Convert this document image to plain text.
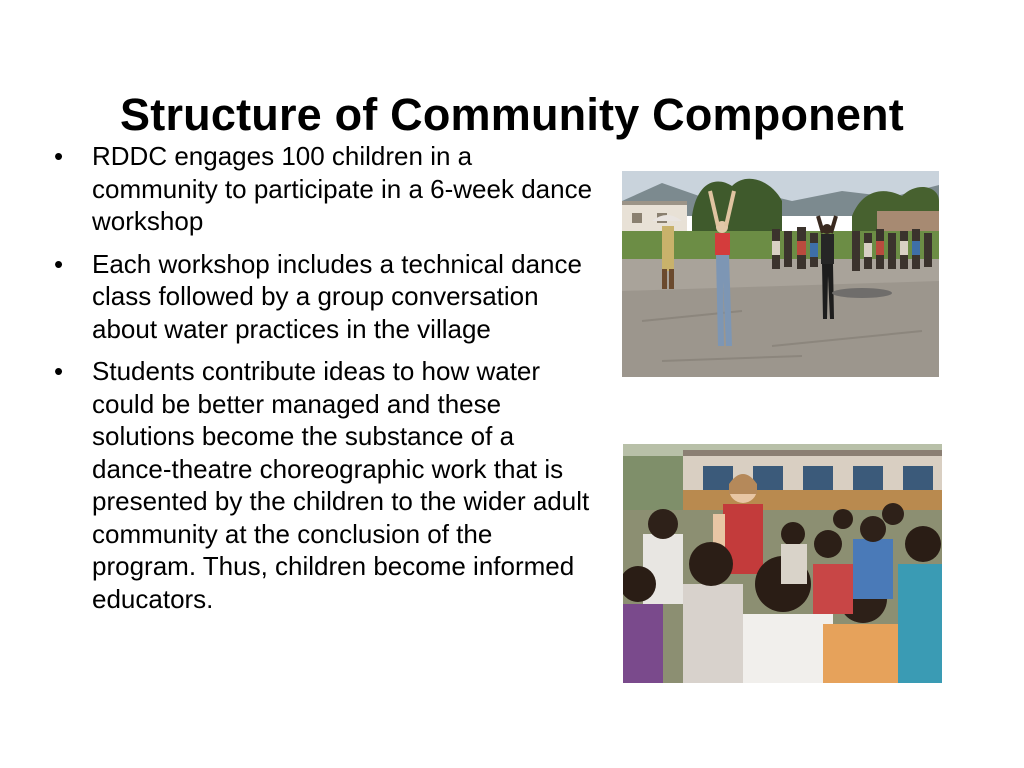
Structure of Community Component
•	RDDC engages 100 children in a community to participate in a 6-week dance workshop
•	Each workshop includes a technical dance class followed by a group conversation about water practices in the village
•	Students contribute ideas to how water could be better managed and these solutions become the substance of a dance-theatre choreographic work that is presented by the children to the wider adult community at the conclusion of the program. Thus, children become informed educators.
